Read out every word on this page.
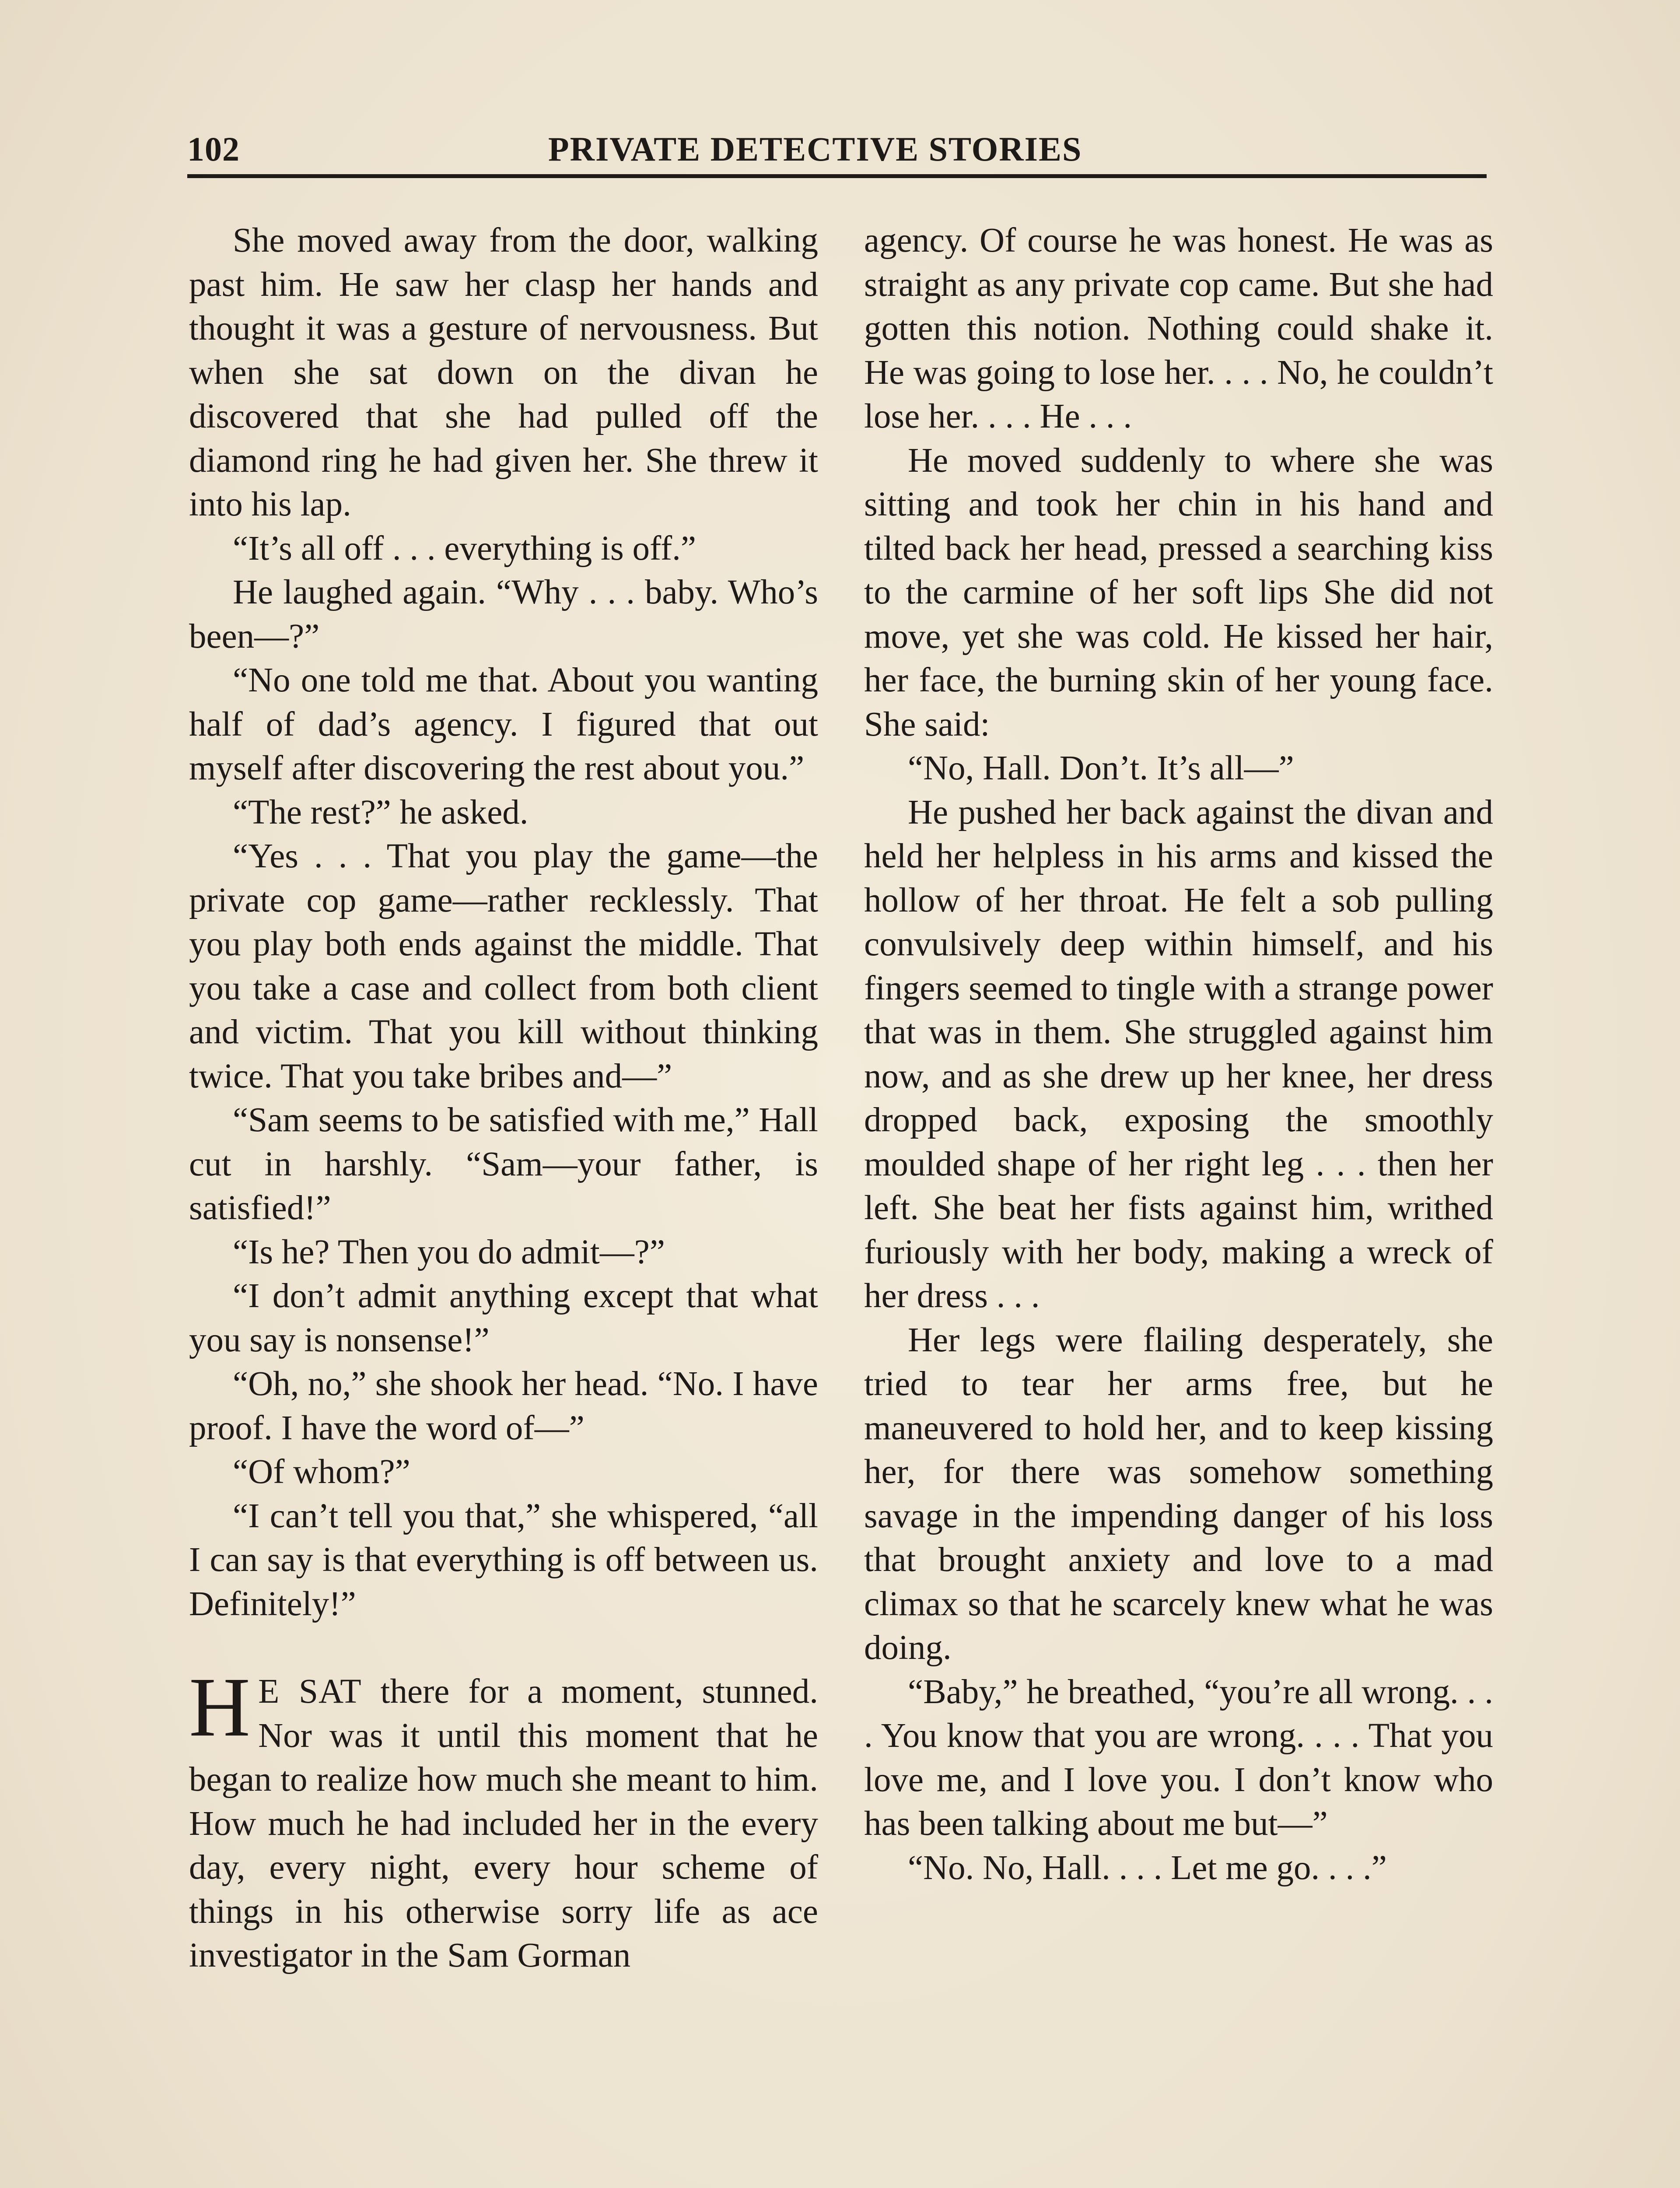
102	PRIVATE DETECTIVE STORIES

She moved away from the door, walking past him. He saw her clasp her hands and thought it was a gesture of nervousness. But when she sat down on the divan he discovered that she had pulled off the diamond ring he had given her. She threw it into his lap.

“It’s all off . . . everything is off.”

He laughed again. “Why . . . baby. Who’s been—?”

“No one told me that. About you wanting half of dad’s agency. I figured that out myself after discovering the rest about you.”

“The rest?” he asked.

“Yes . . . That you play the game—the private cop game—rather recklessly. That you play both ends against the middle. That you take a case and collect from both client and victim. That you kill without thinking twice. That you take bribes and—”

“Sam seems to be satisfied with me,” Hall cut in harshly. “Sam—your father, is satisfied!”

“Is he? Then you do admit—?”

“I don’t admit anything except that what you say is nonsense!”

“Oh, no,” she shook her head. “No. I have proof. I have the word of—”

“Of whom?”

“I can’t tell you that,” she whispered, “all I can say is that everything is off between us. Definitely!”

H E SAT there for a moment, stunned. Nor was it until this moment that he began to realize how much she meant to him. How much he had included her in the every day, every night, every hour scheme of things in his otherwise sorry life as ace investigator in the Sam Gorman

agency. Of course he was honest. He was as straight as any private cop came. But she had gotten this notion. Nothing could shake it. He was going to lose her. . . . No, he couldn’t lose her. . . . He . . .

He moved suddenly to where she was sitting and took her chin in his hand and tilted back her head, pressed a searching kiss to the carmine of her soft lips She did not move, yet she was cold. He kissed her hair, her face, the burning skin of her young face. She said:

“No, Hall. Don’t. It’s all—”

He pushed her back against the divan and held her helpless in his arms and kissed the hollow of her throat. He felt a sob pulling convulsively deep within himself, and his fingers seemed to tingle with a strange power that was in them. She struggled against him now, and as she drew up her knee, her dress dropped back, exposing the smoothly moulded shape of her right leg . . . then her left. She beat her fists against him, writhed furiously with her body, making a wreck of her dress . . .

Her legs were flailing desperately, she tried to tear her arms free, but he maneuvered to hold her, and to keep kissing her, for there was somehow something savage in the impending danger of his loss that brought anxiety and love to a mad climax so that he scarcely knew what he was doing.

“Baby,” he breathed, “you’re all wrong. . . . You know that you are wrong. . . . That you love me, and I love you. I don’t know who has been talking about me but—”

“No. No, Hall. . . . Let me go. . . .”
